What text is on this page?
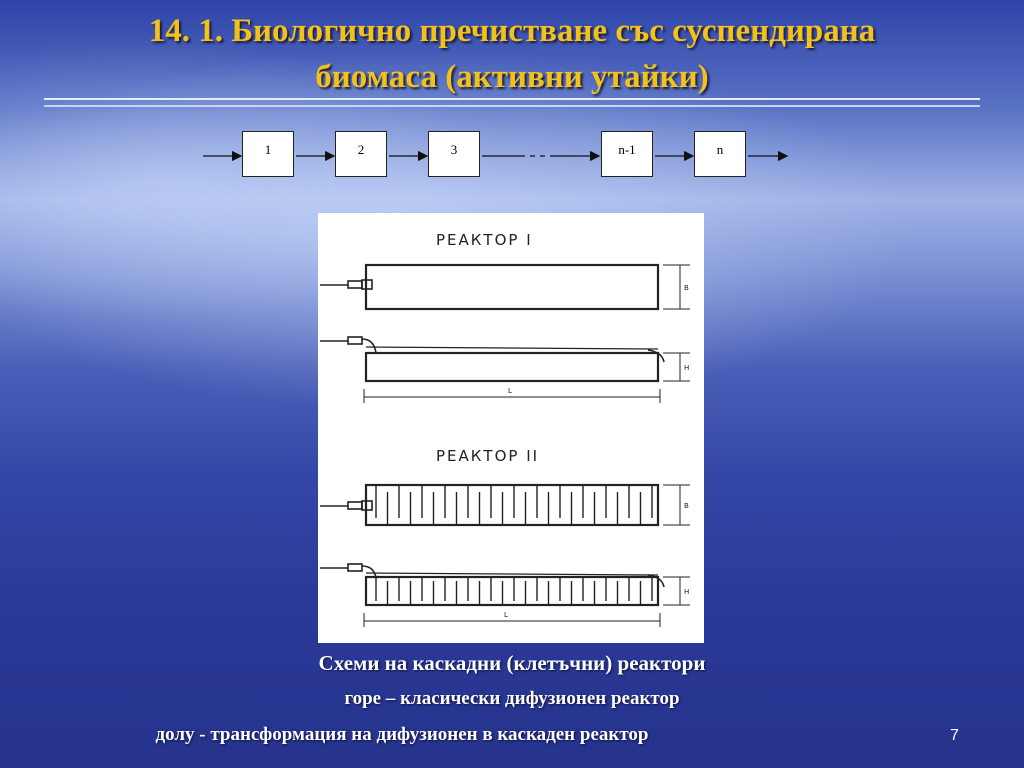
14. 1. Биологично пречистване със суспендирана
биомаса (активни утайки)
1	2	3	n-1	n
РЕАКТОР I
РЕАКТОР II
B
H
L
B
H
L
Схеми на каскадни (клетъчни) реактори
горе – класически дифузионен реактор
долу - трансформация на дифузионен в каскаден реактор	7
